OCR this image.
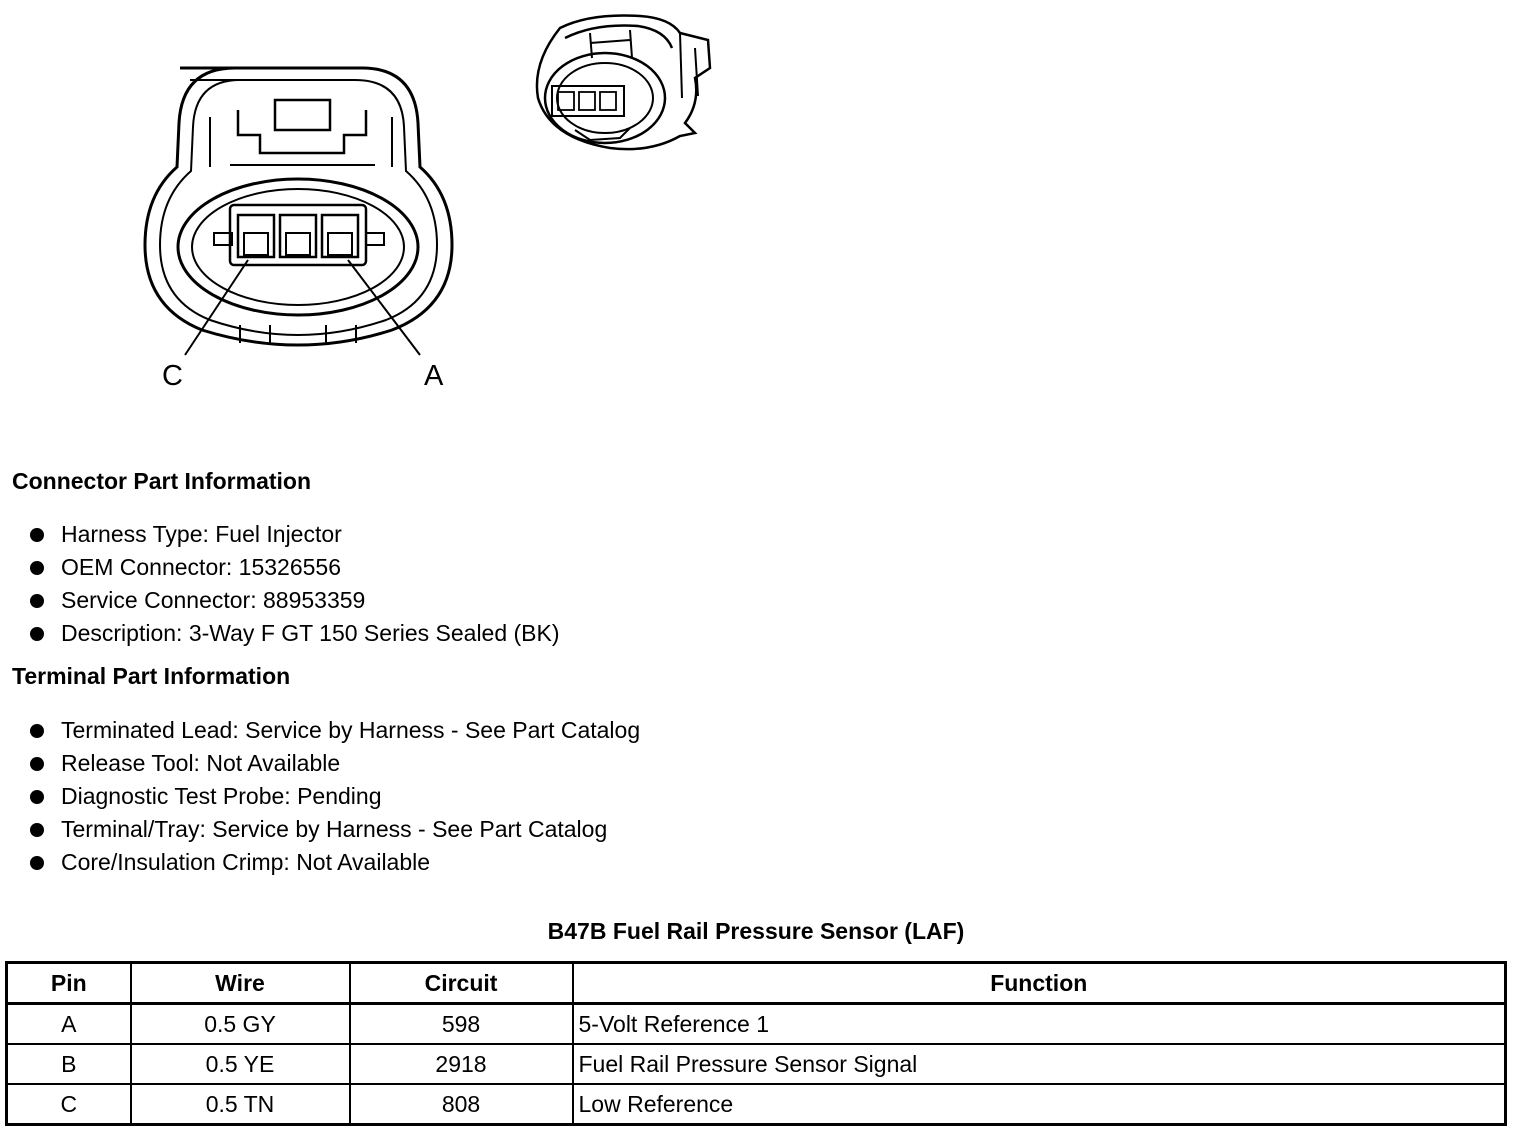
C	A
Connector Part Information
Harness Type: Fuel Injector
OEM Connector: 15326556
Service Connector: 88953359
Description: 3-Way F GT 150 Series Sealed (BK)
Terminal Part Information
Terminated Lead: Service by Harness - See Part Catalog
Release Tool: Not Available
Diagnostic Test Probe: Pending
Terminal/Tray: Service by Harness - See Part Catalog
Core/Insulation Crimp: Not Available
B47B Fuel Rail Pressure Sensor (LAF)
Pin	Wire	Circuit	Function
A	0.5 GY	598	5-Volt Reference 1
B	0.5 YE	2918	Fuel Rail Pressure Sensor Signal
C	0.5 TN	808	Low Reference
